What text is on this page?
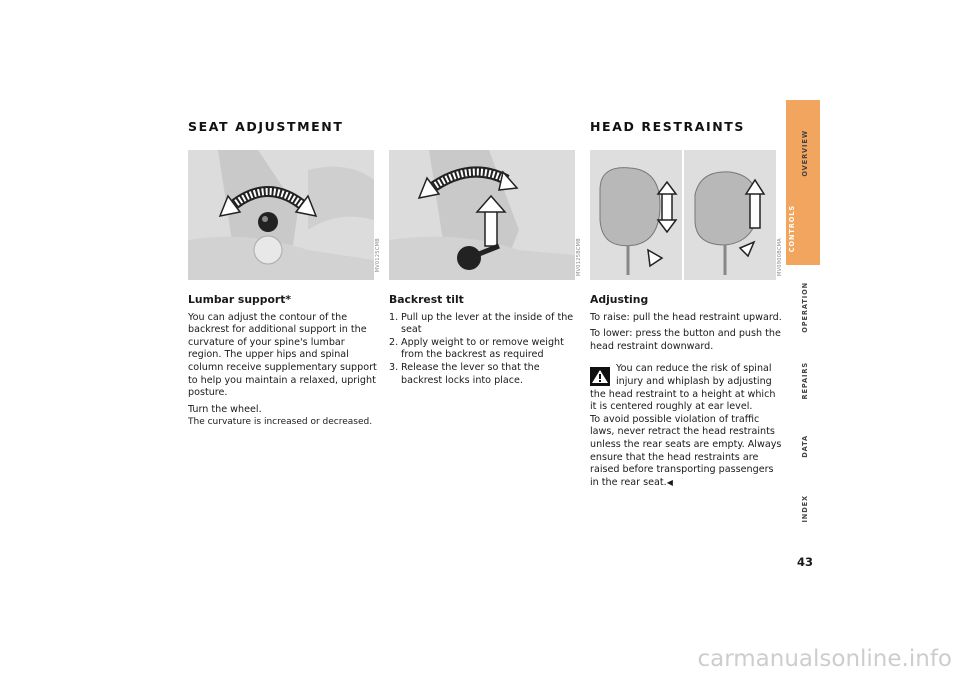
SEAT ADJUSTMENT	HEAD RESTRAINTS
MV0125CMB	MV0125BCMB	MV0900BCMA
Lumbar support*

You can adjust the contour of the backrest for additional support in the curvature of your spine's lumbar region. The upper hips and spinal column receive supplementary support to help you maintain a relaxed, upright posture.

Turn the wheel.

The curvature is increased or decreased.

Backrest tilt
1. Pull up the lever at the inside of the seat
2. Apply weight to or remove weight from the backrest as required
3. Release the lever so that the backrest locks into place.
Adjusting

To raise: pull the head restraint upward.

To lower: press the button and push the head restraint downward.

You can reduce the risk of spinal injury and whiplash by adjusting the head restraint to a height at which it is centered roughly at ear level.
To avoid possible violation of traffic laws, never retract the head restraints unless the rear seats are empty. Always ensure that the head restraints are raised before transporting passengers in the rear seat.◀
OVERVIEW
CONTROLS
OPERATION
REPAIRS
DATA
INDEX
43
carmanualsonline.info
